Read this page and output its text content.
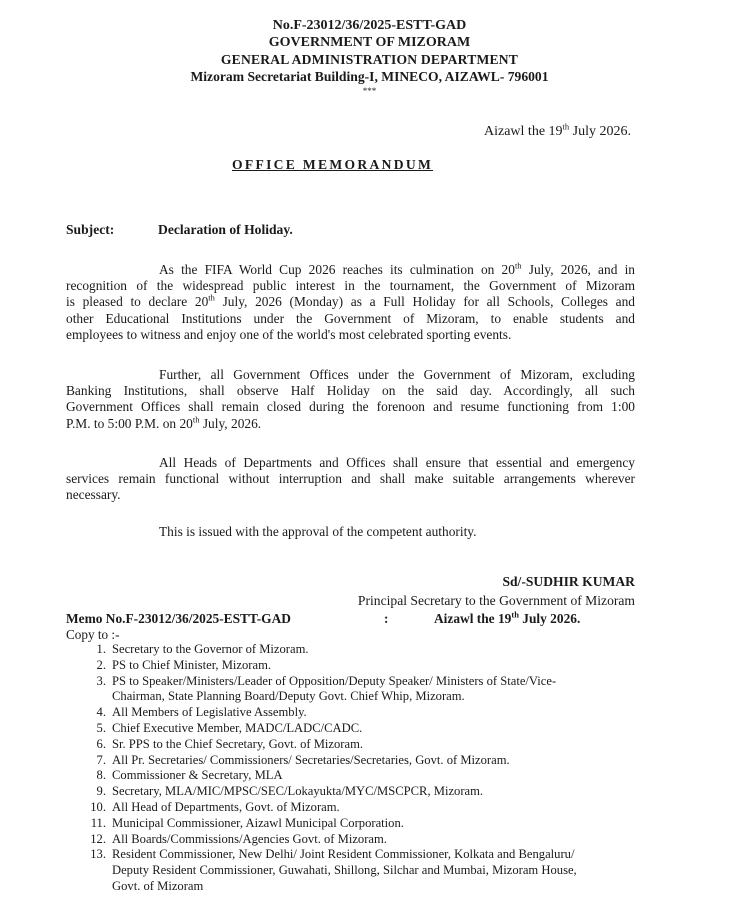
No.F-23012/36/2025-ESTT-GAD
GOVERNMENT OF MIZORAM
GENERAL ADMINISTRATION DEPARTMENT
Mizoram Secretariat Building-I, MINECO, AIZAWL- 796001
***
Aizawl the 19th July 2026.
OFFICE MEMORANDUM
Subject:	Declaration of Holiday.
As the FIFA World Cup 2026 reaches its culmination on 20th July, 2026, and in
recognition of the widespread public interest in the tournament, the Government of Mizoram
is pleased to declare 20th July, 2026 (Monday) as a Full Holiday for all Schools, Colleges and
other Educational Institutions under the Government of Mizoram, to enable students and
employees to witness and enjoy one of the world's most celebrated sporting events.
Further, all Government Offices under the Government of Mizoram, excluding
Banking Institutions, shall observe Half Holiday on the said day. Accordingly, all such
Government Offices shall remain closed during the forenoon and resume functioning from 1:00
P.M. to 5:00 P.M. on 20th July, 2026.
All Heads of Departments and Offices shall ensure that essential and emergency
services remain functional without interruption and shall make suitable arrangements wherever
necessary.
This is issued with the approval of the competent authority.
Sd/-SUDHIR KUMAR
Principal Secretary to the Government of Mizoram
Memo No.F-23012/36/2025-ESTT-GAD	:	Aizawl the 19th July 2026.
Copy to :-
1. Secretary to the Governor of Mizoram.
2. PS to Chief Minister, Mizoram.
3. PS to Speaker/Ministers/Leader of Opposition/Deputy Speaker/ Ministers of State/Vice-
Chairman, State Planning Board/Deputy Govt. Chief Whip, Mizoram.
4. All Members of Legislative Assembly.
5. Chief Executive Member, MADC/LADC/CADC.
6. Sr. PPS to the Chief Secretary, Govt. of Mizoram.
7. All Pr. Secretaries/ Commissioners/ Secretaries/Secretaries, Govt. of Mizoram.
8. Commissioner & Secretary, MLA
9. Secretary, MLA/MIC/MPSC/SEC/Lokayukta/MYC/MSCPCR, Mizoram.
10. All Head of Departments, Govt. of Mizoram.
11. Municipal Commissioner, Aizawl Municipal Corporation.
12. All Boards/Commissions/Agencies Govt. of Mizoram.
13. Resident Commissioner, New Delhi/ Joint Resident Commissioner, Kolkata and Bengaluru/
Deputy Resident Commissioner, Guwahati, Shillong, Silchar and Mumbai, Mizoram House,
Govt. of Mizoram
